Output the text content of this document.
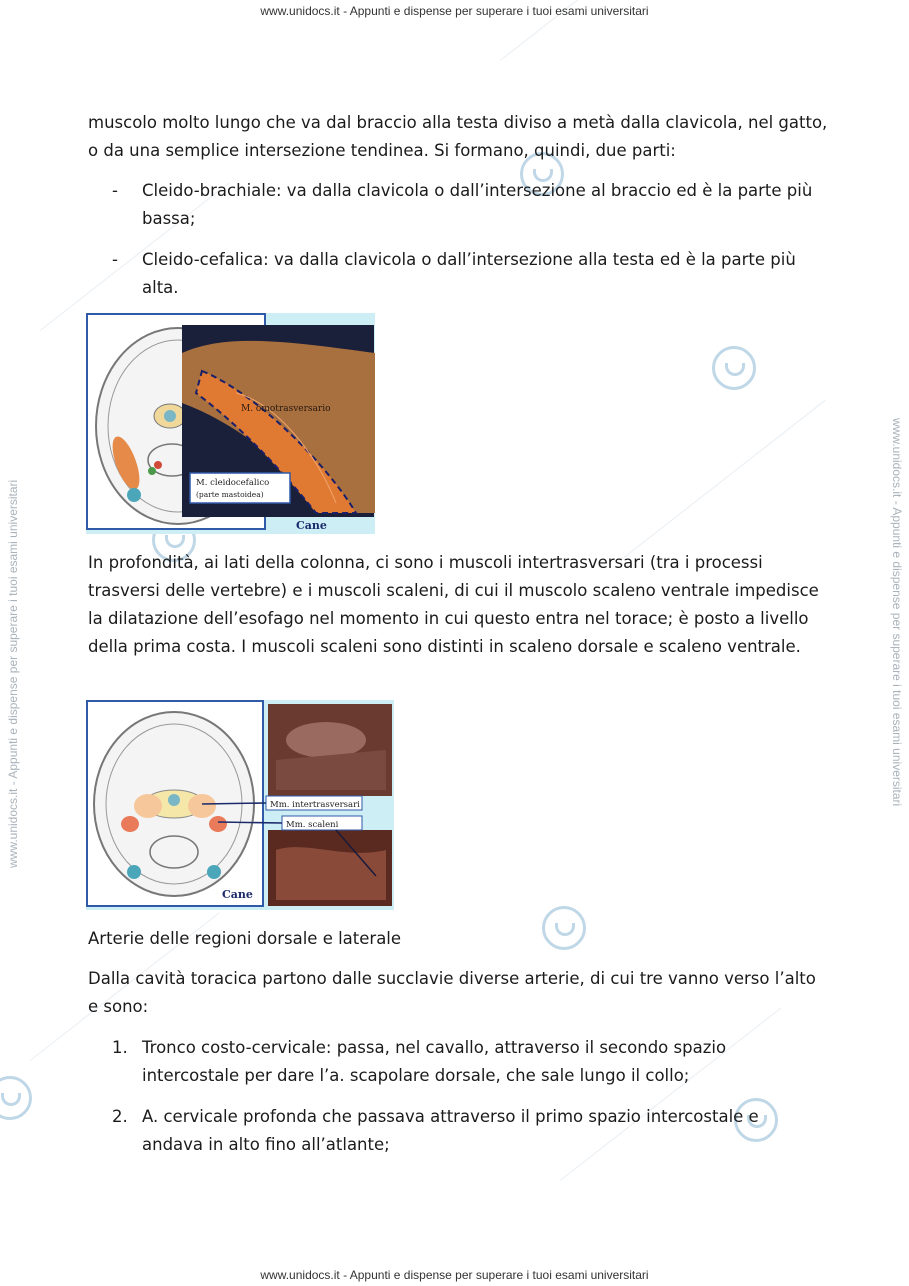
www.unidocs.it - Appunti e dispense per superare i tuoi esami universitari	www.unidocs.it - Appunti e dispense per superare i tuoi esami universitari
www.unidocs.it - Appunti e dispense per superare i tuoi esami universitari
www.unidocs.it - Appunti e dispense per superare i tuoi esami universitari
muscolo molto lungo che va dal braccio alla testa diviso a metà dalla clavicola, nel gatto, o da una semplice intersezione tendinea. Si formano, quindi, due parti:
- Cleido-brachiale: va dalla clavicola o dall’intersezione al braccio ed è la parte più bassa;
- Cleido-cefalica: va dalla clavicola o dall’intersezione alla testa ed è la parte più alta.
M. omotrasversario
M. cleidocefalico
(parte mastoidea)
Cane
In profondità, ai lati della colonna, ci sono i muscoli intertrasversari (tra i processi trasversi delle vertebre) e i muscoli scaleni, di cui il muscolo scaleno ventrale impedisce la dilatazione dell’esofago nel momento in cui questo entra nel torace; è posto a livello della prima costa. I muscoli scaleni sono distinti in scaleno dorsale e scaleno ventrale.
Mm. intertrasversari
Mm. scaleni
Cane
Arterie delle regioni dorsale e laterale
Dalla cavità toracica partono dalle succlavie diverse arterie, di cui tre vanno verso l’alto e sono:
1. Tronco costo-cervicale: passa, nel cavallo, attraverso il secondo spazio intercostale per dare l’a. scapolare dorsale, che sale lungo il collo;
2. A. cervicale profonda che passava attraverso il primo spazio intercostale e andava in alto fino all’atlante;
